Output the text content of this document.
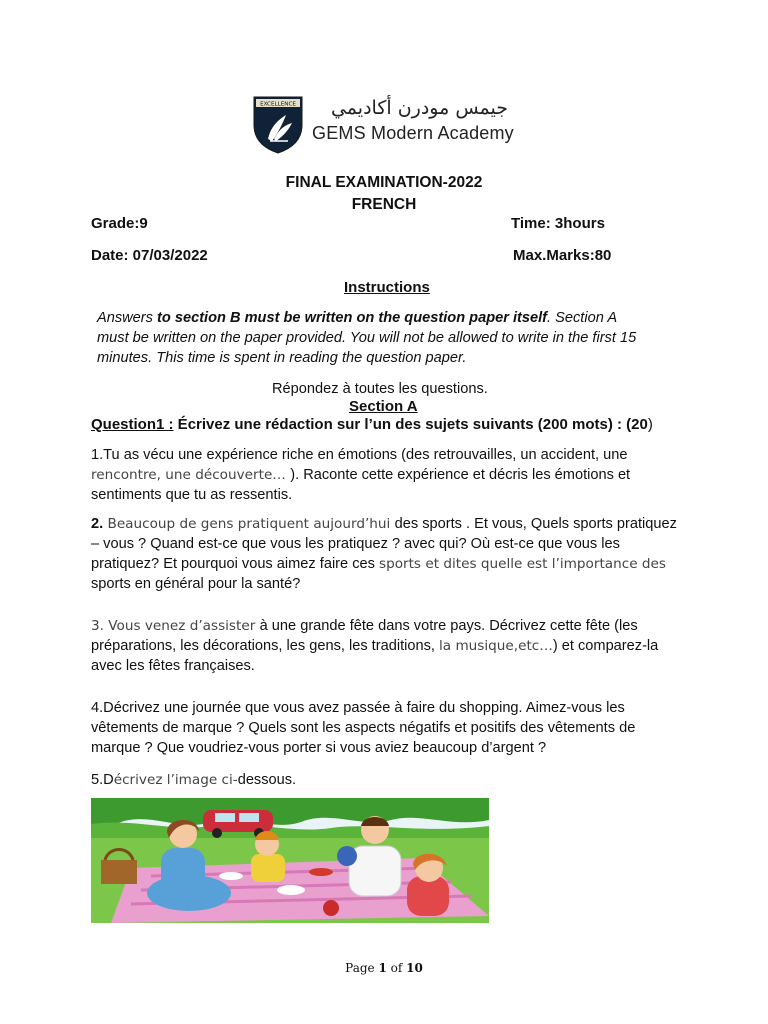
EXCELLENCE	جيمس مودرن أكاديمي
GEMS Modern Academy
FINAL EXAMINATION-2022
FRENCH
Grade:9	Time: 3hours
Date: 07/03/2022	Max.Marks:80
Instructions
Answers to section B must be written on the question paper itself. Section A
must be written on the paper provided. You will not be allowed to write in the first 15
minutes. This time is spent in reading the question paper.
Répondez à toutes les questions.
Section A
Question1 : Écrivez une rédaction sur l’un des sujets suivants (200 mots) : (20)
1.Tu as vécu une expérience riche en émotions (des retrouvailles, un accident, une
rencontre, une découverte… ). Raconte cette expérience et décris les émotions et
sentiments que tu as ressentis.
2. Beaucoup de gens pratiquent aujourd’hui des sports . Et vous, Quels sports pratiquez
– vous ? Quand est-ce que vous les pratiquez ? avec qui? Où est-ce que vous les
pratiquez? Et pourquoi vous aimez faire ces sports et dites quelle est l’importance des
sports en général pour la santé?
3. Vous venez d’assister à une grande fête dans votre pays. Décrivez cette fête (les
préparations, les décorations, les gens, les traditions, la musique,etc…) et comparez-la
avec les fêtes françaises.
4.Décrivez une journée que vous avez passée à faire du shopping. Aimez-vous les
vêtements de marque ? Quels sont les aspects négatifs et positifs des vêtements de
marque ? Que voudriez-vous porter si vous aviez beaucoup d’argent ?
5.Décrivez l’image ci-dessous.
Page 1 of 10
